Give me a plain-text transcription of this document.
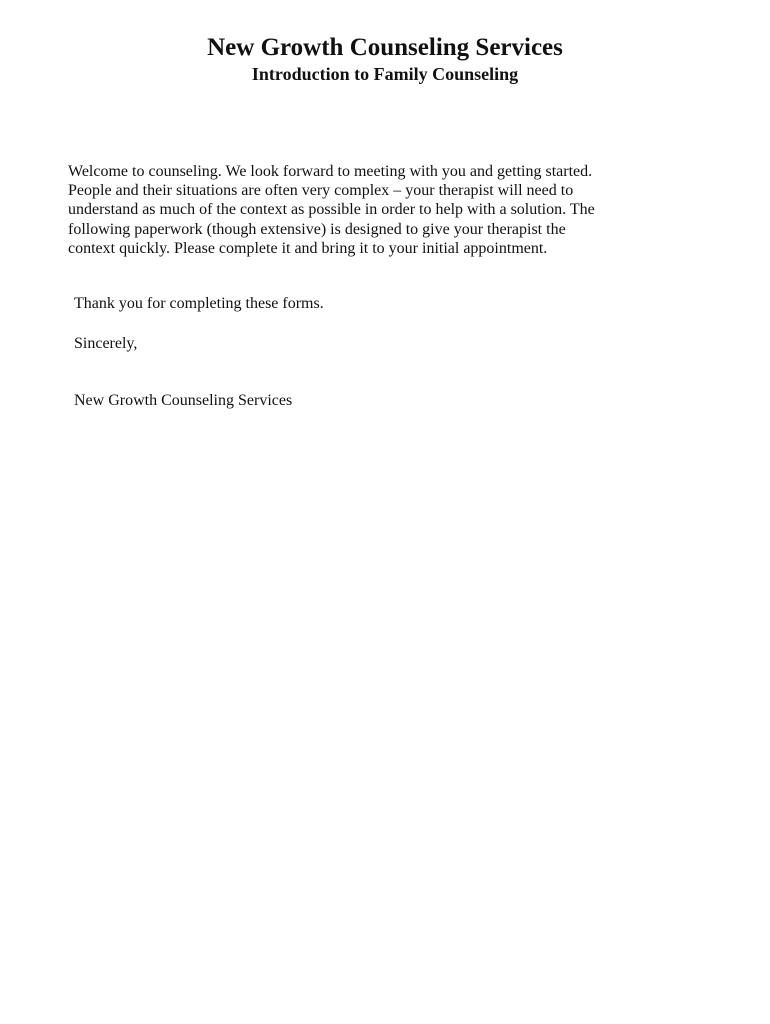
New Growth Counseling Services
Introduction to Family Counseling
Welcome to counseling. We look forward to meeting with you and getting started.
People and their situations are often very complex – your therapist will need to
understand as much of the context as possible in order to help with a solution. The
following paperwork (though extensive) is designed to give your therapist the
context quickly. Please complete it and bring it to your initial appointment.
Thank you for completing these forms.
Sincerely,
New Growth Counseling Services
